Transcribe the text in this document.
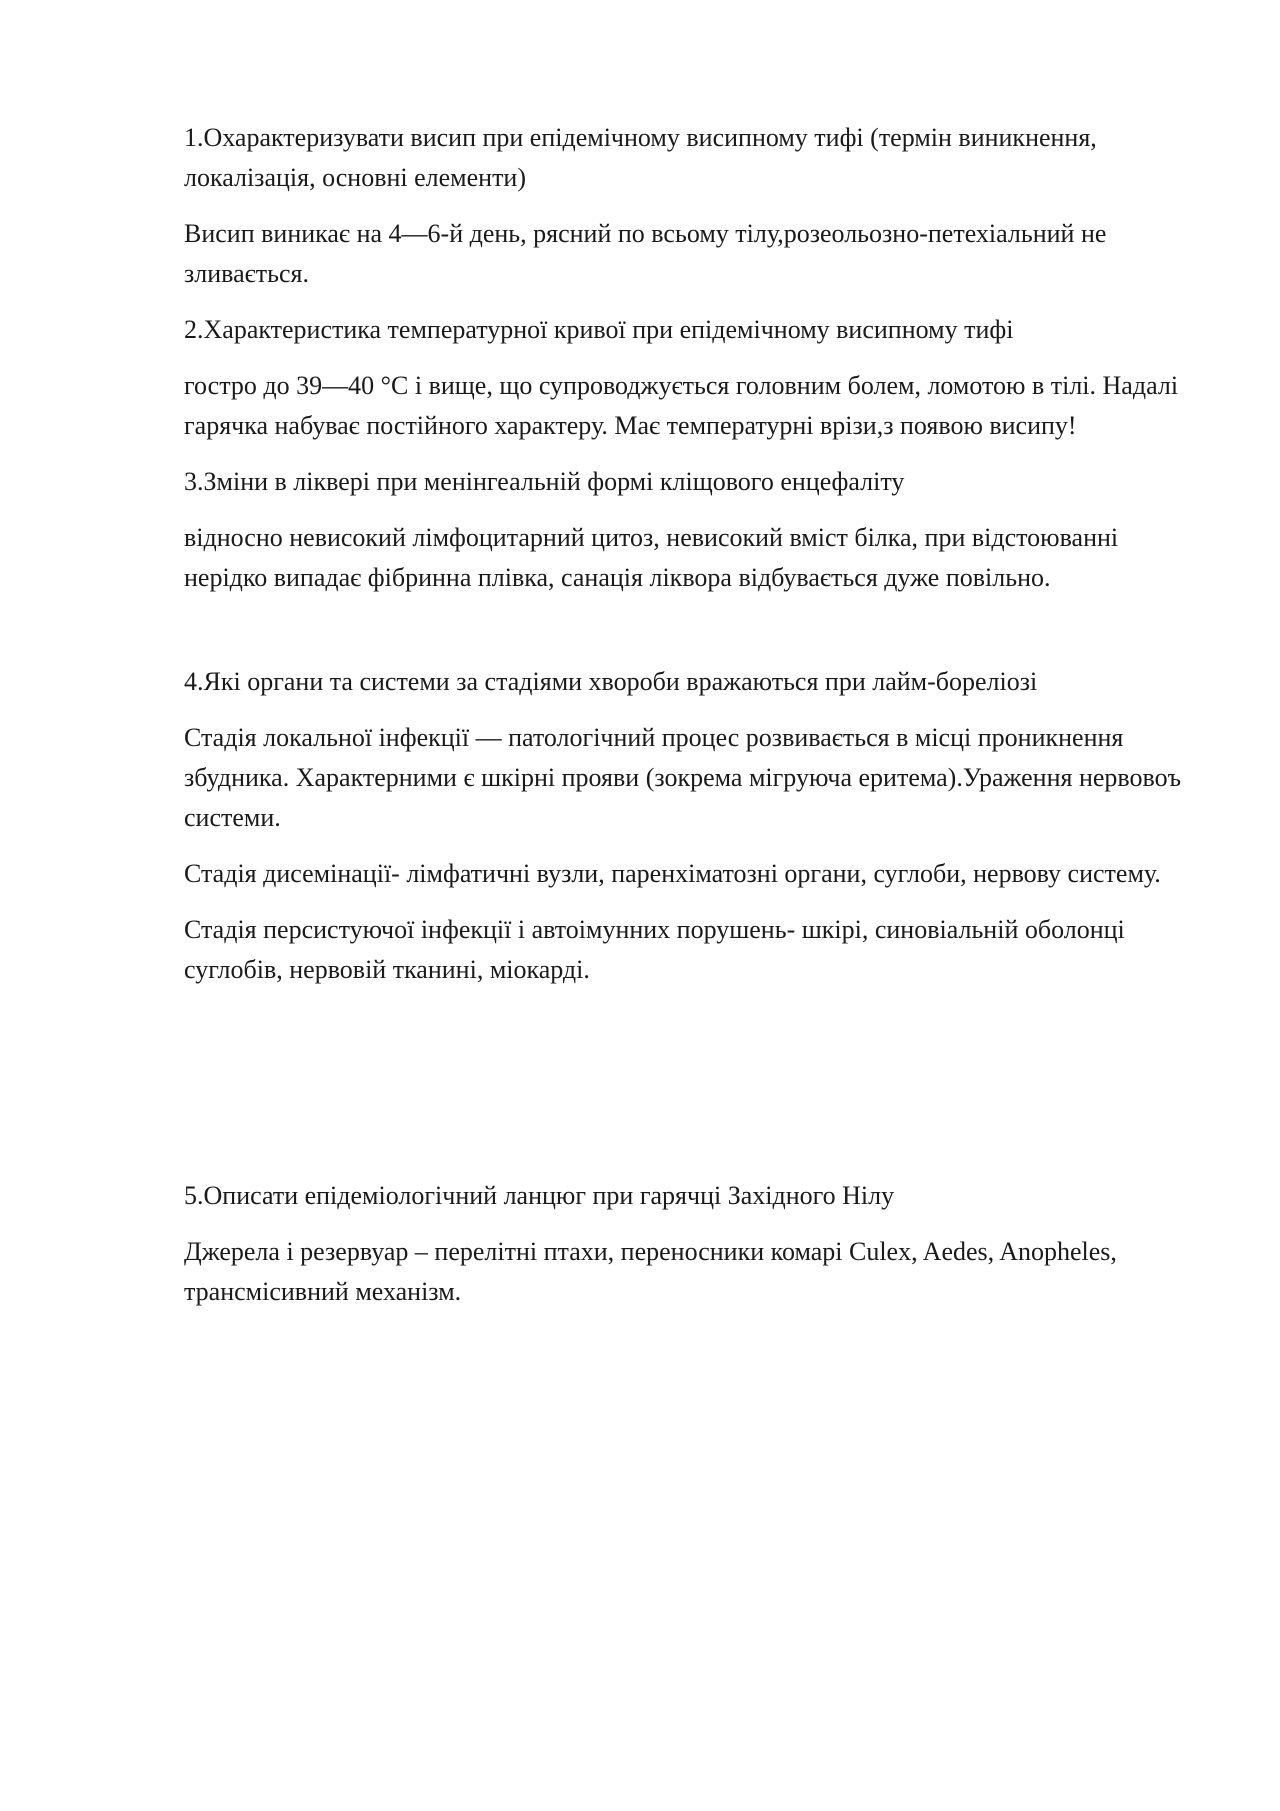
1.Охарактеризувати висип при епідемічному висипному тифі (термін виникнення, локалізація, основні елементи)

Висип виникає на 4—6-й день, рясний по всьому тілу,розеольозно-петехіальний не зливається.

2.Характеристика температурної кривої при епідемічному висипному тифі

гостро до 39—40 °С і вище, що супроводжується головним болем, ломотою в тілі. Надалі гарячка набуває постійного характеру. Має температурні врізи,з появою висипу!

3.Зміни в ліквері при менінгеальній формі кліщового енцефаліту

відносно невисокий лімфоцитарний цитоз, невисокий вміст білка, при відстоюванні нерідко випадає фібринна плівка, санація ліквора відбувається дуже повільно.

4.Які органи та системи за стадіями хвороби вражаються при лайм-бореліозі

Стадія локальної інфекції — патологічний процес розвивається в місці проникнення збудника. Характерними є шкірні прояви (зокрема мігруюча еритема).Ураження нервовоъ системи.

Стадія дисемінації- лімфатичні вузли, паренхіматозні органи, суглоби, нервову систему.

Стадія персистуючої інфекції і автоімунних порушень- шкірі, синовіальній оболонці суглобів, нервовій тканині, міокарді.

5.Описати епідеміологічний ланцюг при гарячці Західного Нілу

Джерела і резервуар – перелітні птахи, переносники комарі Culex, Aedes, Anopheles, трансмісивний механізм.
